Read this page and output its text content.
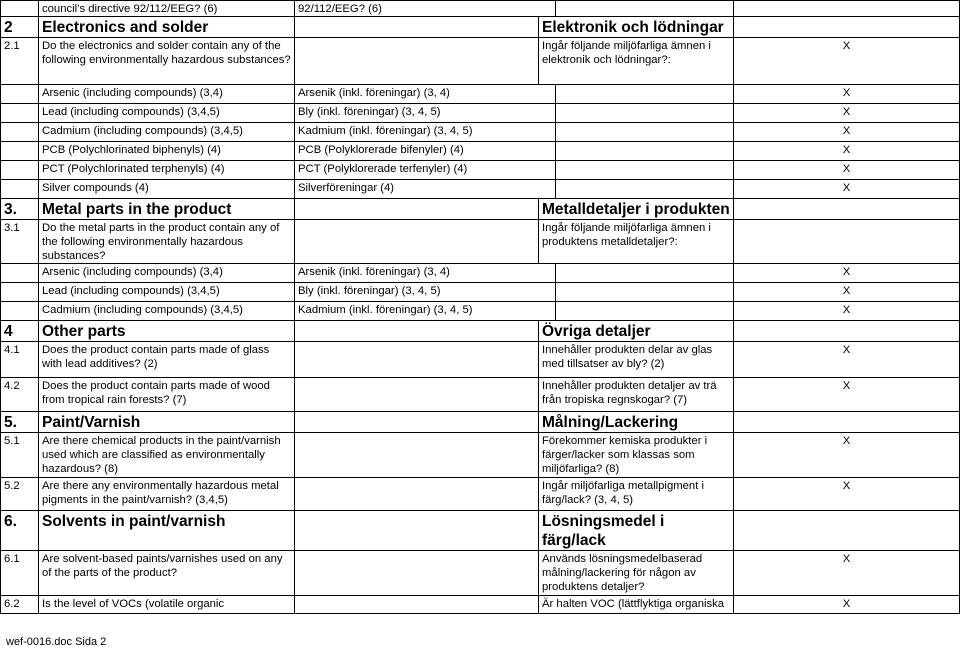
	council’s directive 92/112/EEG? (6)	92/112/EEG? (6)			
2	Electronics and solder		Elektronik och lödningar		
2.1	Do the electronics and solder contain any of the following environmentally hazardous substances?		Ingår följande miljöfarliga ämnen i elektronik och lödningar?:		X
	Arsenic (including compounds) (3,4)	Arsenik (inkl. föreningar) (3, 4)			X
	Lead (including compounds) (3,4,5)	Bly (inkl. föreningar) (3, 4, 5)			X
	Cadmium (including compounds) (3,4,5)	Kadmium (inkl. föreningar) (3, 4, 5)			X
	PCB (Polychlorinated biphenyls) (4)	PCB (Polyklorerade bifenyler) (4)			X
	PCT (Polychlorinated terphenyls) (4)	PCT (Polyklorerade terfenyler) (4)			X
	Silver compounds (4)	Silverföreningar (4)			X
3.	Metal parts in the product		Metalldetaljer i produkten		
3.1	Do the metal parts in the product contain any of the following environmentally hazardous substances?		Ingår följande miljöfarliga ämnen i produktens metalldetaljer?:		
	Arsenic (including compounds) (3,4)	Arsenik (inkl. föreningar) (3, 4)			X
	Lead (including compounds) (3,4,5)	Bly (inkl. föreningar) (3, 4, 5)			X
	Cadmium (including compounds) (3,4,5)	Kadmium (inkl. föreningar) (3, 4, 5)			X
4	Other parts		Övriga detaljer		
4.1	Does the product contain parts made of glass with lead additives? (2)		Innehåller produkten delar av glas med tillsatser av bly? (2)		X
4.2	Does the product contain parts made of wood from tropical rain forests? (7)		Innehåller produkten detaljer av trä från tropiska regnskogar? (7)		X
5.	Paint/Varnish		Målning/Lackering		
5.1	Are there chemical products in the paint/varnish used which are classified as environmentally hazardous? (8)		Förekommer kemiska produkter i färger/lacker som klassas som miljöfarliga? (8)		X
5.2	Are there any environmentally hazardous metal pigments in the paint/varnish? (3,4,5)		Ingår miljöfarliga metallpigment i färg/lack? (3, 4, 5)		X
6.	Solvents in paint/varnish		Lösningsmedel i färg/lack		
6.1	Are solvent-based paints/varnishes used on any of the parts of the product?		Används lösningsmedelbaserad målning/lackering för någon av produktens detaljer?		X
6.2	Is the level of VOCs (volatile organic		Är halten VOC (lättflyktiga organiska		X
wef-0016.doc Sida 2
